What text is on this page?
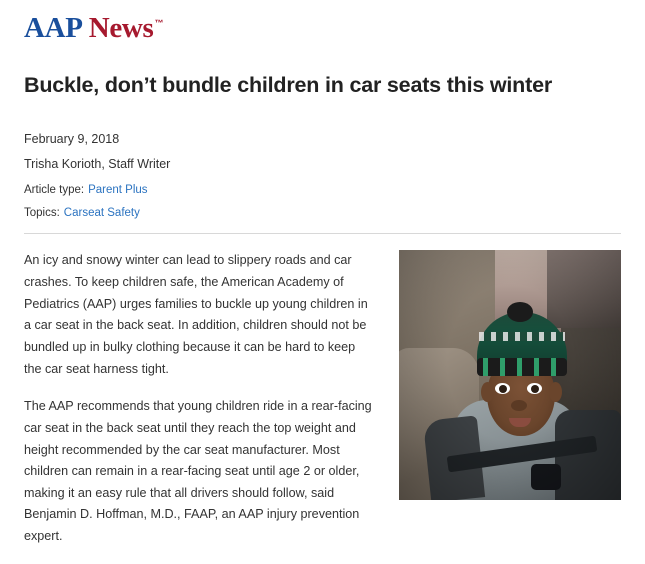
AAP News™
Buckle, don’t bundle children in car seats this winter
February 9, 2018
Trisha Korioth, Staff Writer
Article type: Parent Plus
Topics: Carseat Safety

An icy and snowy winter can lead to slippery roads and car crashes. To keep children safe, the American Academy of Pediatrics (AAP) urges families to buckle up young children in a car seat in the back seat. In addition, children should not be bundled up in bulky clothing because it can be hard to keep the car seat harness tight.

The AAP recommends that young children ride in a rear-facing car seat in the back seat until they reach the top weight and height recommended by the car seat manufacturer. Most children can remain in a rear-facing seat until age 2 or older, making it an easy rule that all drivers should follow, said Benjamin D. Hoffman, M.D., FAAP, an AAP injury prevention expert.
